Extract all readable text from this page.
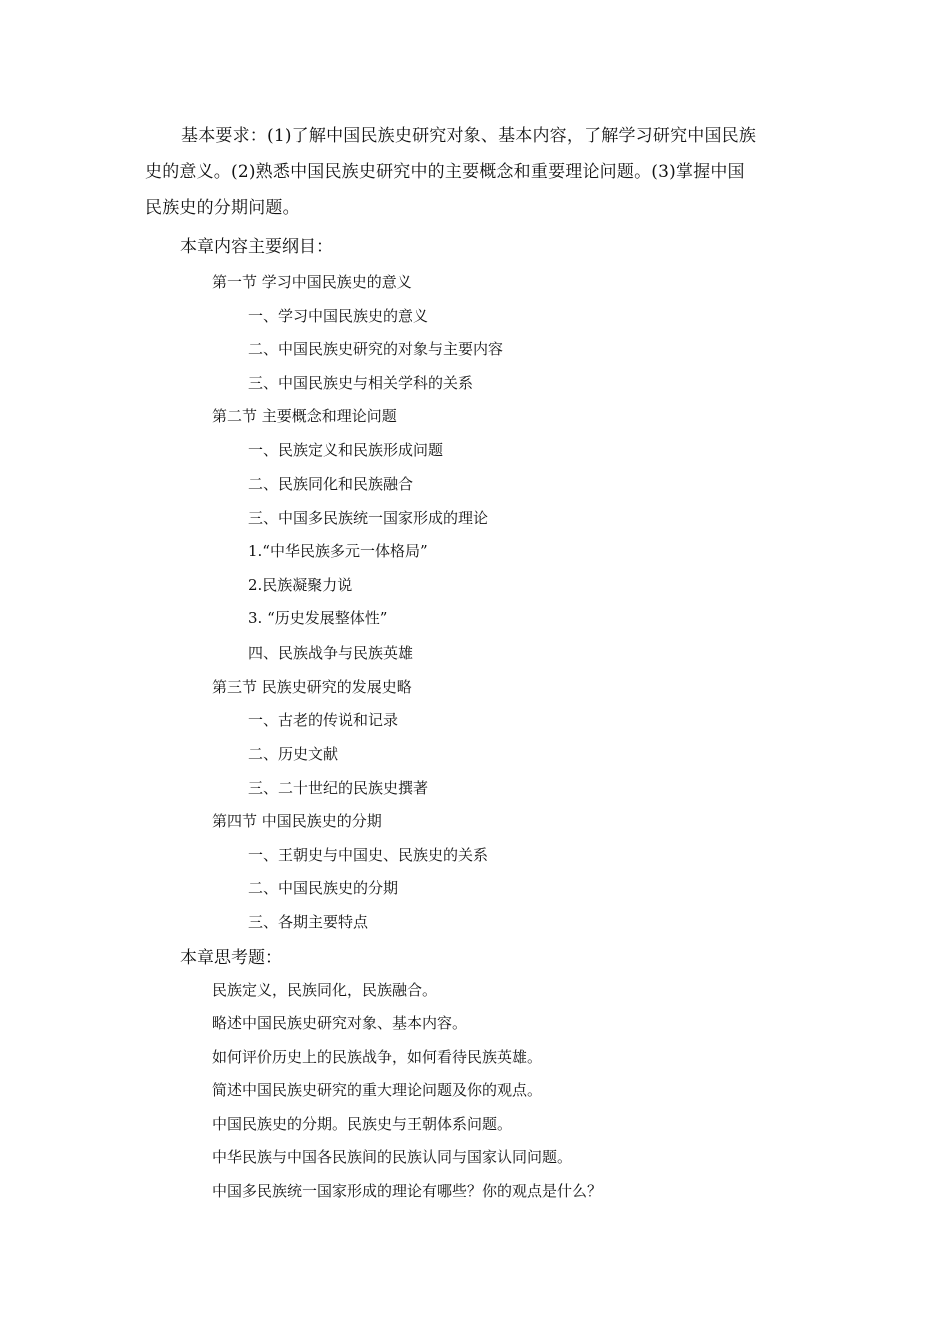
基本要求：(1)了解中国民族史研究对象、基本内容，了解学习研究中国民族
史的意义。(2)熟悉中国民族史研究中的主要概念和重要理论问题。(3)掌握中国
民族史的分期问题。
本章内容主要纲目：
第一节 学习中国民族史的意义
一、学习中国民族史的意义
二、中国民族史研究的对象与主要内容
三、中国民族史与相关学科的关系
第二节 主要概念和理论问题
一、民族定义和民族形成问题
二、民族同化和民族融合
三、中国多民族统一国家形成的理论
1.“中华民族多元一体格局”
2.民族凝聚力说
3. “历史发展整体性”
四、民族战争与民族英雄
第三节 民族史研究的发展史略
一、古老的传说和记录
二、历史文献
三、二十世纪的民族史撰著
第四节 中国民族史的分期
一、王朝史与中国史、民族史的关系
二、中国民族史的分期
三、各期主要特点
本章思考题：
民族定义，民族同化，民族融合。
略述中国民族史研究对象、基本内容。
如何评价历史上的民族战争，如何看待民族英雄。
简述中国民族史研究的重大理论问题及你的观点。
中国民族史的分期。民族史与王朝体系问题。
中华民族与中国各民族间的民族认同与国家认同问题。
中国多民族统一国家形成的理论有哪些？你的观点是什么？
